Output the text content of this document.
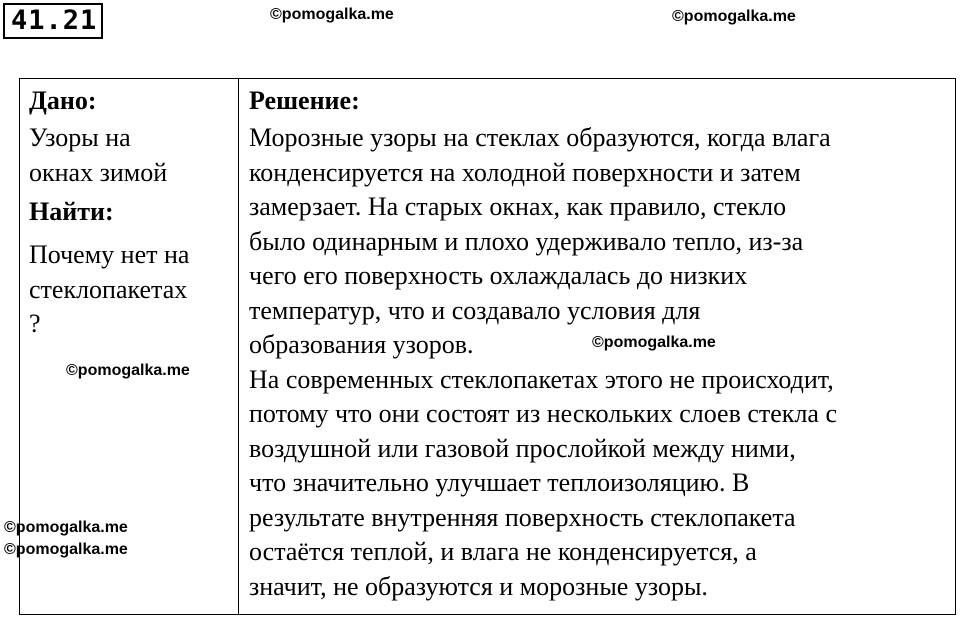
41.21	©pomogalka.me	©pomogalka.me
Дано:
Узоры на
окнах зимой
Найти:
Почему нет на
стеклопакетах
?
Решение:
Морозные узоры на стеклах образуются, когда влага
конденсируется на холодной поверхности и затем
замерзает. На старых окнах, как правило, стекло
было одинарным и плохо удерживало тепло, из-за
чего его поверхность охлаждалась до низких
температур, что и создавало условия для
образования узоров.
На современных стеклопакетах этого не происходит,
потому что они состоят из нескольких слоев стекла с
воздушной или газовой прослойкой между ними,
что значительно улучшает теплоизоляцию. В
результате внутренняя поверхность стеклопакета
остаётся теплой, и влага не конденсируется, а
значит, не образуются и морозные узоры.
©pomogalka.me
©pomogalka.me
©pomogalka.me
©pomogalka.me
